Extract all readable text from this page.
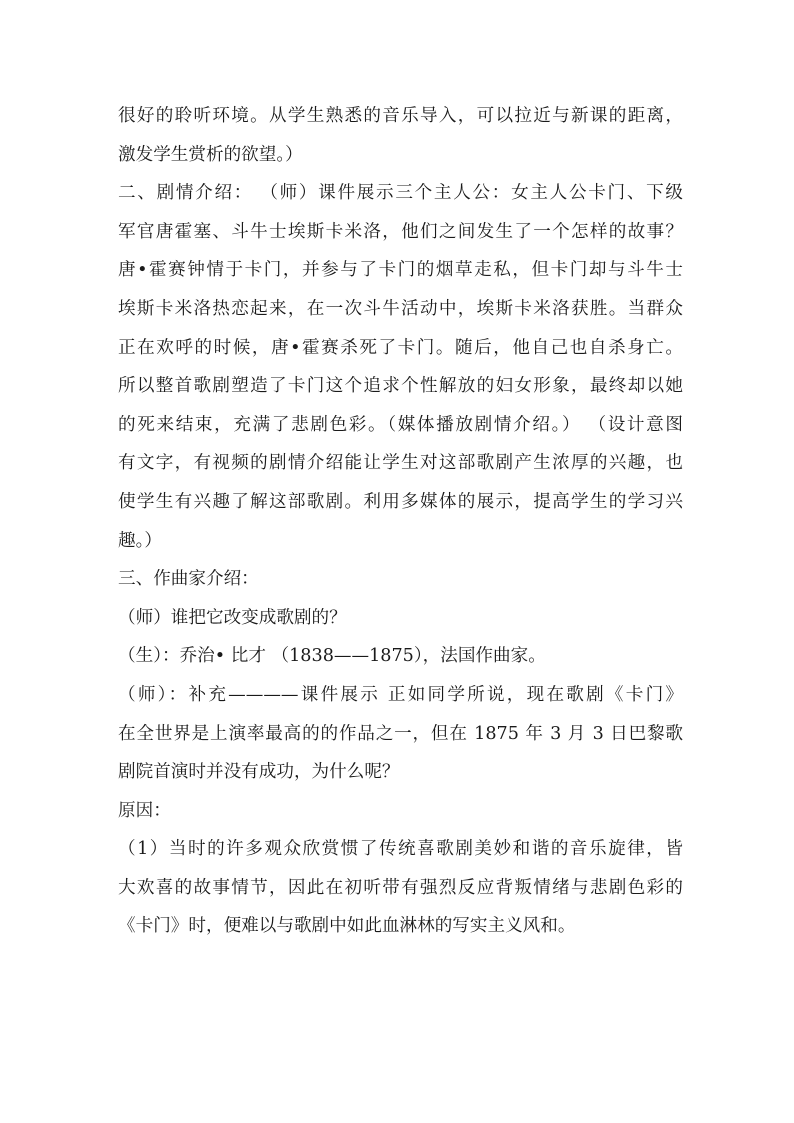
很好的聆听环境。从学生熟悉的音乐导入，可以拉近与新课的距离，
激发学生赏析的欲望。）
二、剧情介绍： （师）课件展示三个主人公：女主人公卡门、下级
军官唐霍塞、斗牛士埃斯卡米洛，他们之间发生了一个怎样的故事？
唐•霍赛钟情于卡门，并参与了卡门的烟草走私，但卡门却与斗牛士
埃斯卡米洛热恋起来，在一次斗牛活动中，埃斯卡米洛获胜。当群众
正在欢呼的时候，唐•霍赛杀死了卡门。随后，他自己也自杀身亡。
所以整首歌剧塑造了卡门这个追求个性解放的妇女形象，最终却以她
的死来结束，充满了悲剧色彩。（媒体播放剧情介绍。） （设计意图
有文字，有视频的剧情介绍能让学生对这部歌剧产生浓厚的兴趣，也
使学生有兴趣了解这部歌剧。利用多媒体的展示，提高学生的学习兴
趣。）
三、作曲家介绍：
（师）谁把它改变成歌剧的？
（生）：乔治• 比才 （1838——1875），法国作曲家。
（师）：补充————课件展示 正如同学所说，现在歌剧《卡门》
在全世界是上演率最高的的作品之一，但在 1875 年 3 月 3 日巴黎歌
剧院首演时并没有成功，为什么呢？
原因：
（1）当时的许多观众欣赏惯了传统喜歌剧美妙和谐的音乐旋律，皆
大欢喜的故事情节，因此在初听带有强烈反应背叛情绪与悲剧色彩的
《卡门》时，便难以与歌剧中如此血淋林的写实主义风和。
